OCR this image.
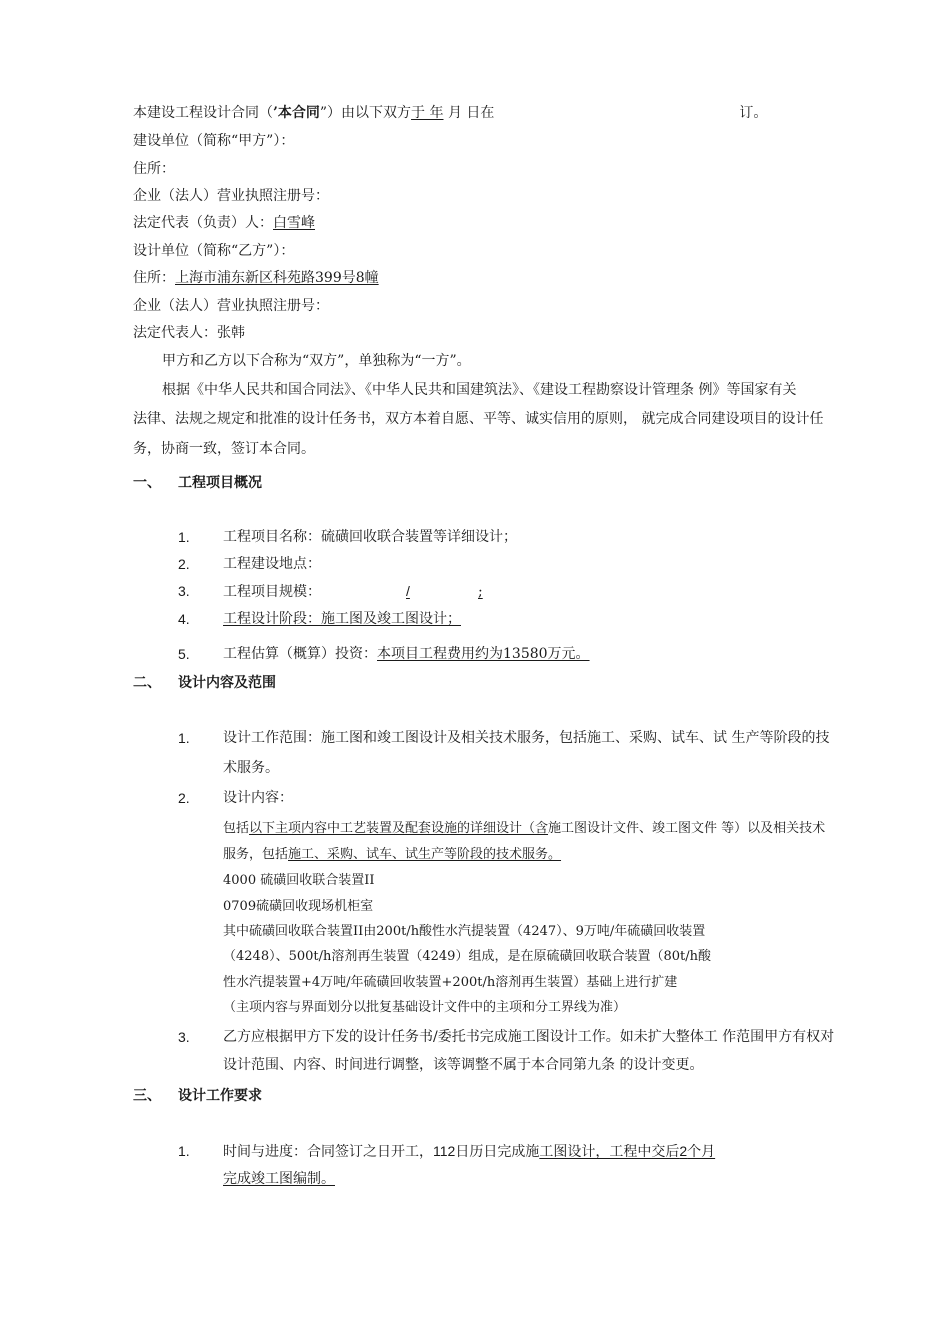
本建设工程设计合同（’本合同”）由以下双方于 年 月 日在	订。
建设单位（简称“甲方”）：
住所：
企业（法人）营业执照注册号：
法定代表（负责）人：白雪峰
设计单位（简称“乙方”）：
住所：上海市浦东新区科苑路399号8幢
企业（法人）营业执照注册号：
法定代表人：张韩
甲方和乙方以下合称为“双方”，单独称为“一方”。
根据《中华人民共和国合同法》、《中华人民共和国建筑法》、《建设工程勘察设计管理条 例》等国家有关
法律、法规之规定和批准的设计任务书，双方本着自愿、平等、诚实信用的原则， 就完成合同建设项目的设计任
务，协商一致，签订本合同。
一、 工程项目概况
1. 工程项目名称：硫磺回收联合装置等详细设计；
2. 工程建设地点：
3. 工程项目规模：	/	;
4. 工程设计阶段：施工图及竣工图设计；
5. 工程估算（概算）投资：本项目工程费用约为13580万元。
二、 设计内容及范围
1. 设计工作范围：施工图和竣工图设计及相关技术服务，包括施工、采购、试车、试 生产等阶段的技
术服务。
2. 设计内容：
包括以下主项内容中工艺装置及配套设施的详细设计（含施工图设计文件、竣工图文件 等）以及相关技术
服务，包括施工、采购、试车、试生产等阶段的技术服务。
4000 硫磺回收联合装置II
0709硫磺回收现场机柜室
其中硫磺回收联合装置II由200t/h酸性水汽提装置（4247）、9万吨/年硫磺回收装置
（4248）、500t/h溶剂再生装置（4249）组成，是在原硫磺回收联合装置（80t/h酸
性水汽提装置+4万吨/年硫磺回收装置+200t/h溶剂再生装置）基础上进行扩建
（主项内容与界面划分以批复基础设计文件中的主项和分工界线为准）
3. 乙方应根据甲方下发的设计任务书/委托书完成施工图设计工作。如未扩大整体工 作范围甲方有权对
设计范围、内容、时间进行调整，该等调整不属于本合同第九条 的设计变更。
三、 设计工作要求
1. 时间与进度：合同签订之日开工，112日历日完成施工图设计，工程中交后2个月
完成竣工图编制。
